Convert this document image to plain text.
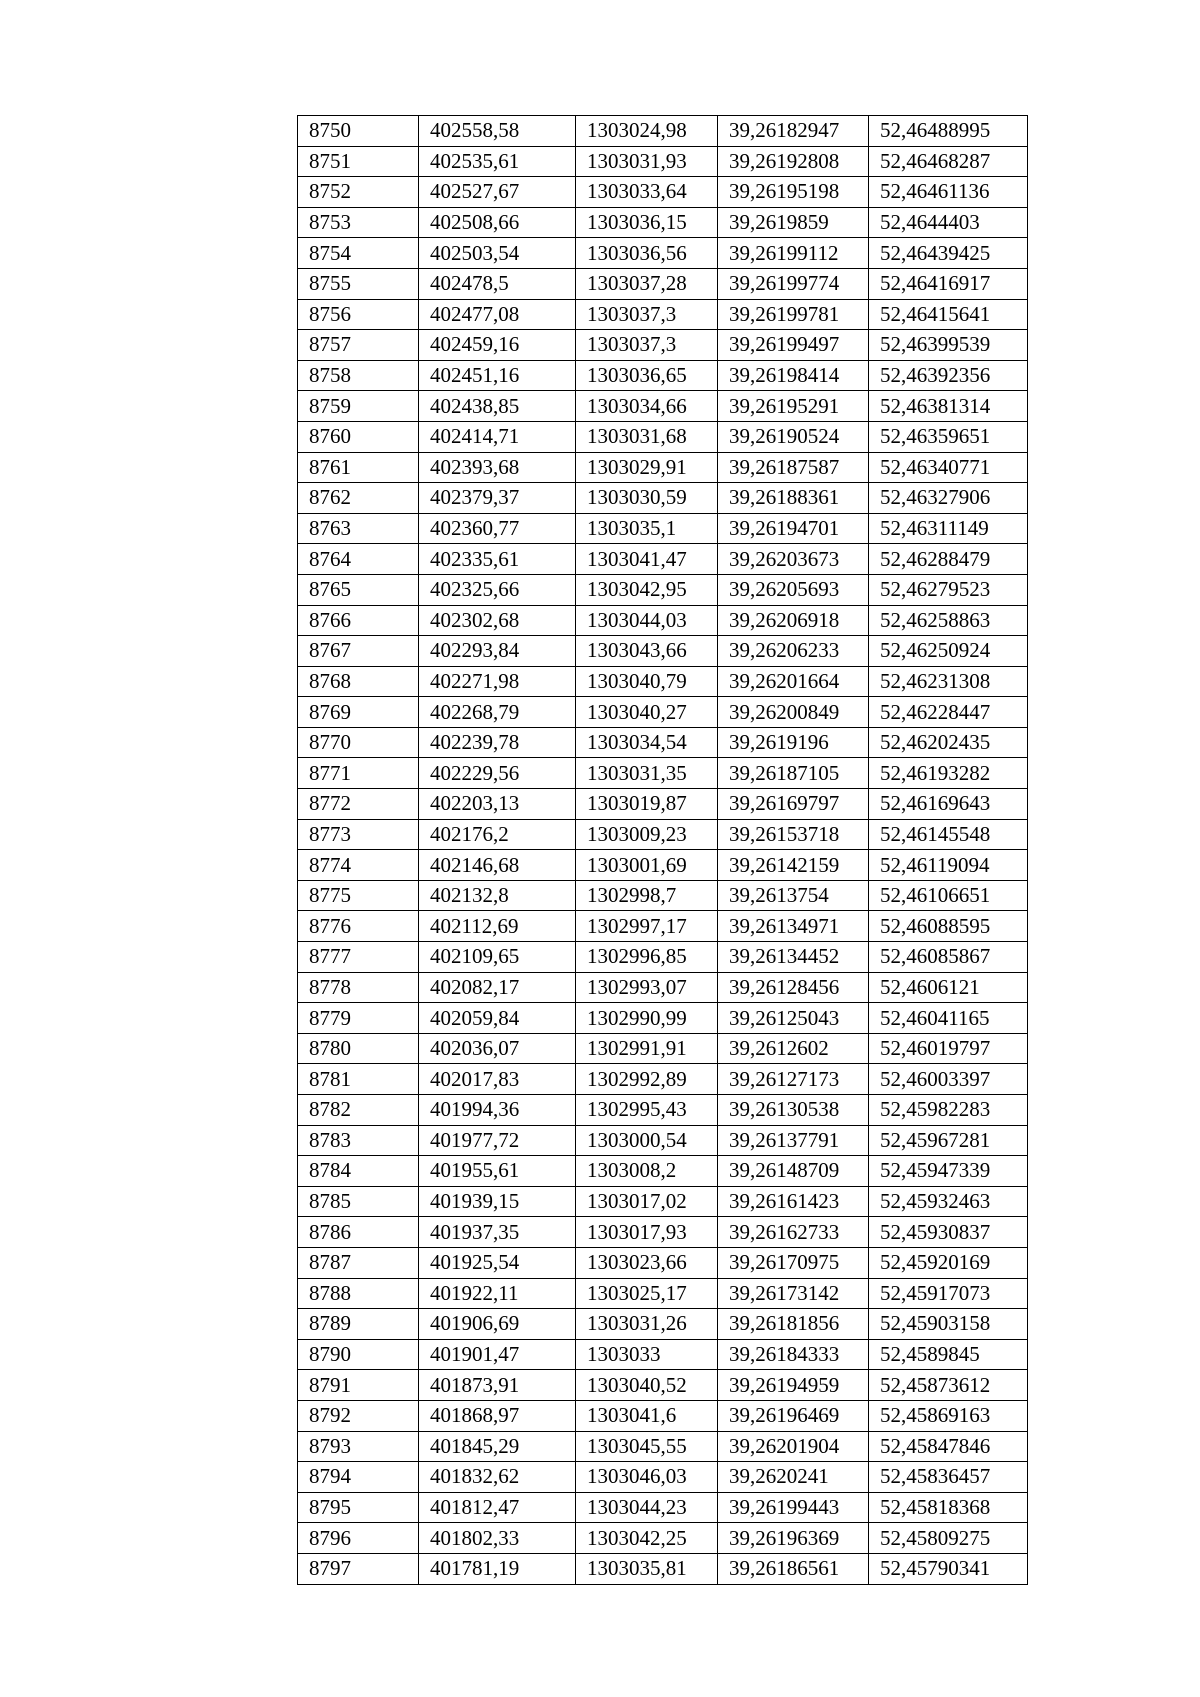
8750	402558,58	1303024,98	39,26182947	52,46488995
8751	402535,61	1303031,93	39,26192808	52,46468287
8752	402527,67	1303033,64	39,26195198	52,46461136
8753	402508,66	1303036,15	39,2619859	52,4644403
8754	402503,54	1303036,56	39,26199112	52,46439425
8755	402478,5	1303037,28	39,26199774	52,46416917
8756	402477,08	1303037,3	39,26199781	52,46415641
8757	402459,16	1303037,3	39,26199497	52,46399539
8758	402451,16	1303036,65	39,26198414	52,46392356
8759	402438,85	1303034,66	39,26195291	52,46381314
8760	402414,71	1303031,68	39,26190524	52,46359651
8761	402393,68	1303029,91	39,26187587	52,46340771
8762	402379,37	1303030,59	39,26188361	52,46327906
8763	402360,77	1303035,1	39,26194701	52,46311149
8764	402335,61	1303041,47	39,26203673	52,46288479
8765	402325,66	1303042,95	39,26205693	52,46279523
8766	402302,68	1303044,03	39,26206918	52,46258863
8767	402293,84	1303043,66	39,26206233	52,46250924
8768	402271,98	1303040,79	39,26201664	52,46231308
8769	402268,79	1303040,27	39,26200849	52,46228447
8770	402239,78	1303034,54	39,2619196	52,46202435
8771	402229,56	1303031,35	39,26187105	52,46193282
8772	402203,13	1303019,87	39,26169797	52,46169643
8773	402176,2	1303009,23	39,26153718	52,46145548
8774	402146,68	1303001,69	39,26142159	52,46119094
8775	402132,8	1302998,7	39,2613754	52,46106651
8776	402112,69	1302997,17	39,26134971	52,46088595
8777	402109,65	1302996,85	39,26134452	52,46085867
8778	402082,17	1302993,07	39,26128456	52,4606121
8779	402059,84	1302990,99	39,26125043	52,46041165
8780	402036,07	1302991,91	39,2612602	52,46019797
8781	402017,83	1302992,89	39,26127173	52,46003397
8782	401994,36	1302995,43	39,26130538	52,45982283
8783	401977,72	1303000,54	39,26137791	52,45967281
8784	401955,61	1303008,2	39,26148709	52,45947339
8785	401939,15	1303017,02	39,26161423	52,45932463
8786	401937,35	1303017,93	39,26162733	52,45930837
8787	401925,54	1303023,66	39,26170975	52,45920169
8788	401922,11	1303025,17	39,26173142	52,45917073
8789	401906,69	1303031,26	39,26181856	52,45903158
8790	401901,47	1303033	39,26184333	52,4589845
8791	401873,91	1303040,52	39,26194959	52,45873612
8792	401868,97	1303041,6	39,26196469	52,45869163
8793	401845,29	1303045,55	39,26201904	52,45847846
8794	401832,62	1303046,03	39,2620241	52,45836457
8795	401812,47	1303044,23	39,26199443	52,45818368
8796	401802,33	1303042,25	39,26196369	52,45809275
8797	401781,19	1303035,81	39,26186561	52,45790341
